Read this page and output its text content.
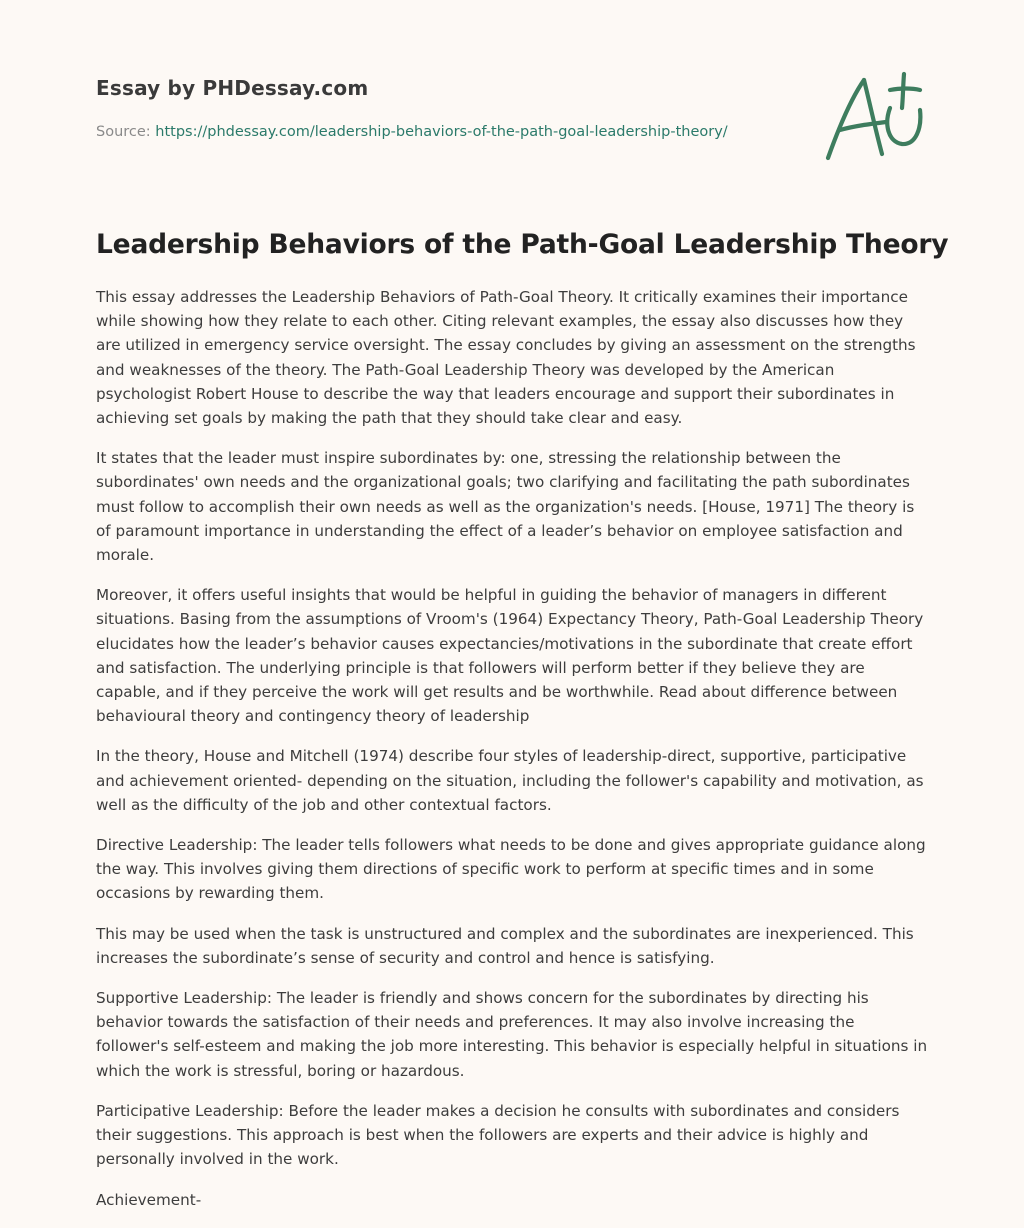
Essay by PHDessay.com
Source: https://phdessay.com/leadership-behaviors-of-the-path-goal-leadership-theory/
Leadership Behaviors of the Path-Goal Leadership Theory

This essay addresses the Leadership Behaviors of Path-Goal Theory. It critically examines their importance while showing how they relate to each other. Citing relevant examples, the essay also discusses how they are utilized in emergency service oversight. The essay concludes by giving an assessment on the strengths and weaknesses of the theory. The Path-Goal Leadership Theory was developed by the American psychologist Robert House to describe the way that leaders encourage and support their subordinates in achieving set goals by making the path that they should take clear and easy.

It states that the leader must inspire subordinates by: one, stressing the relationship between the subordinates' own needs and the organizational goals; two clarifying and facilitating the path subordinates must follow to accomplish their own needs as well as the organization's needs. [House, 1971] The theory is of paramount importance in understanding the effect of a leader’s behavior on employee satisfaction and morale.

Moreover, it offers useful insights that would be helpful in guiding the behavior of managers in different situations. Basing from the assumptions of Vroom's (1964) Expectancy Theory, Path-Goal Leadership Theory elucidates how the leader’s behavior causes expectancies/motivations in the subordinate that create effort and satisfaction. The underlying principle is that followers will perform better if they believe they are capable, and if they perceive the work will get results and be worthwhile. Read about difference between behavioural theory and contingency theory of leadership

In the theory, House and Mitchell (1974) describe four styles of leadership-direct, supportive, participative and achievement oriented- depending on the situation, including the follower's capability and motivation, as well as the difficulty of the job and other contextual factors.

Directive Leadership: The leader tells followers what needs to be done and gives appropriate guidance along the way. This involves giving them directions of specific work to perform at specific times and in some occasions by rewarding them.

This may be used when the task is unstructured and complex and the subordinates are inexperienced. This increases the subordinate’s sense of security and control and hence is satisfying.

Supportive Leadership: The leader is friendly and shows concern for the subordinates by directing his behavior towards the satisfaction of their needs and preferences. It may also involve increasing the follower's self-esteem and making the job more interesting. This behavior is especially helpful in situations in which the work is stressful, boring or hazardous.

Participative Leadership: Before the leader makes a decision he consults with subordinates and considers their suggestions. This approach is best when the followers are experts and their advice is highly and personally involved in the work.

Achievement-
